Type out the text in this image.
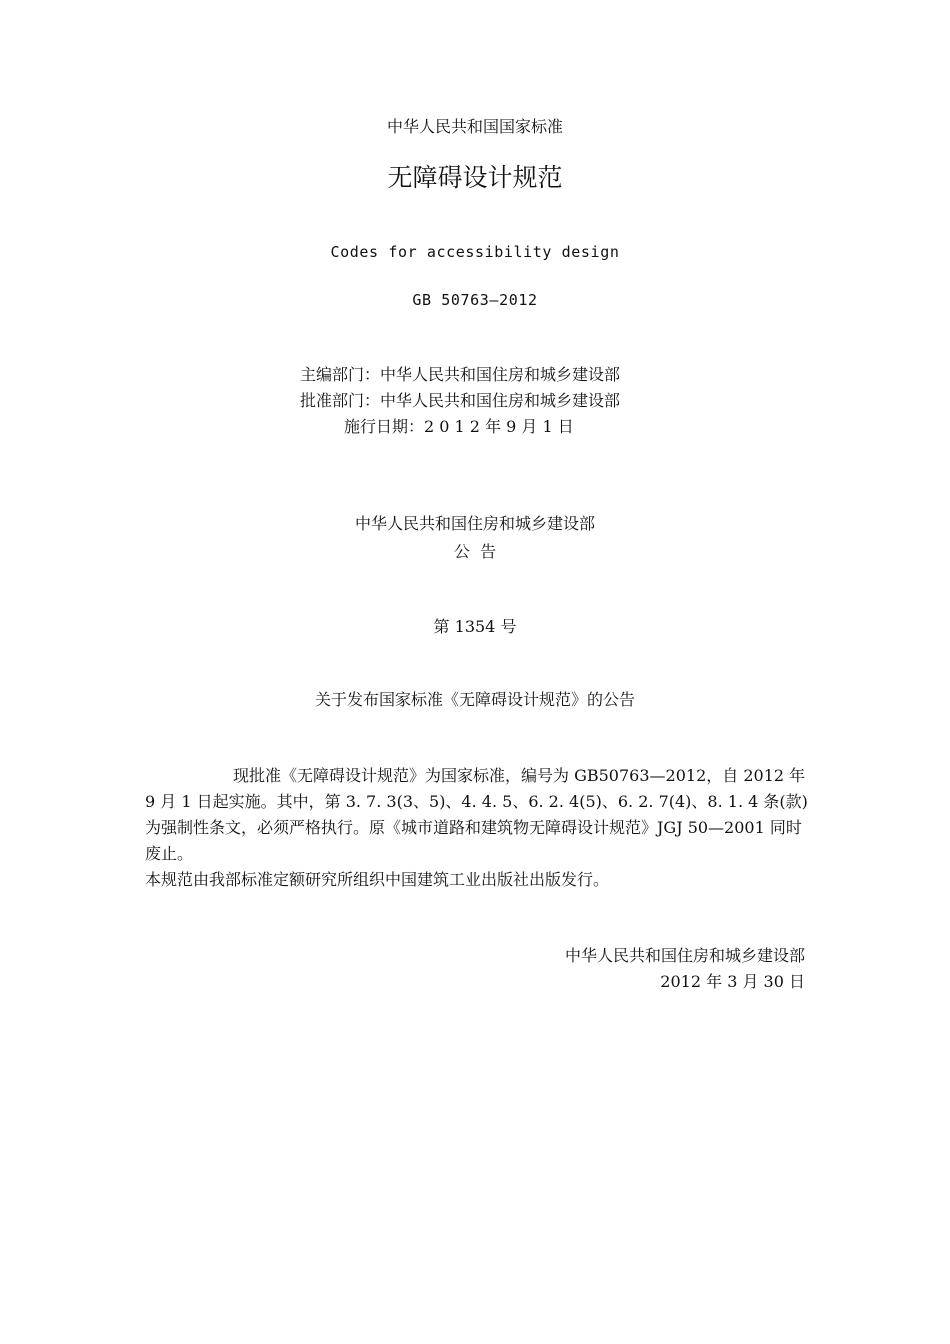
中华人民共和国国家标准
无障碍设计规范
Codes for accessibility design
GB 50763—2012
主编部门：中华人民共和国住房和城乡建设部
批准部门：中华人民共和国住房和城乡建设部
施行日期：2 0 1 2 年 9 月 1 日
中华人民共和国住房和城乡建设部
公  告
第 1354 号
关于发布国家标准《无障碍设计规范》的公告

现批准《无障碍设计规范》为国家标准，编号为 GB50763—2012，自 2012 年 9 月 1 日起实施。其中，第 3. 7. 3(3、5)、4. 4. 5、6. 2. 4(5)、6. 2. 7(4)、8. 1. 4 条(款)为强制性条文，必须严格执行。原《城市道路和建筑物无障碍设计规范》JGJ 50—2001 同时废止。

本规范由我部标准定额研究所组织中国建筑工业出版社出版发行。

中华人民共和国住房和城乡建设部
2012 年 3 月 30 日
